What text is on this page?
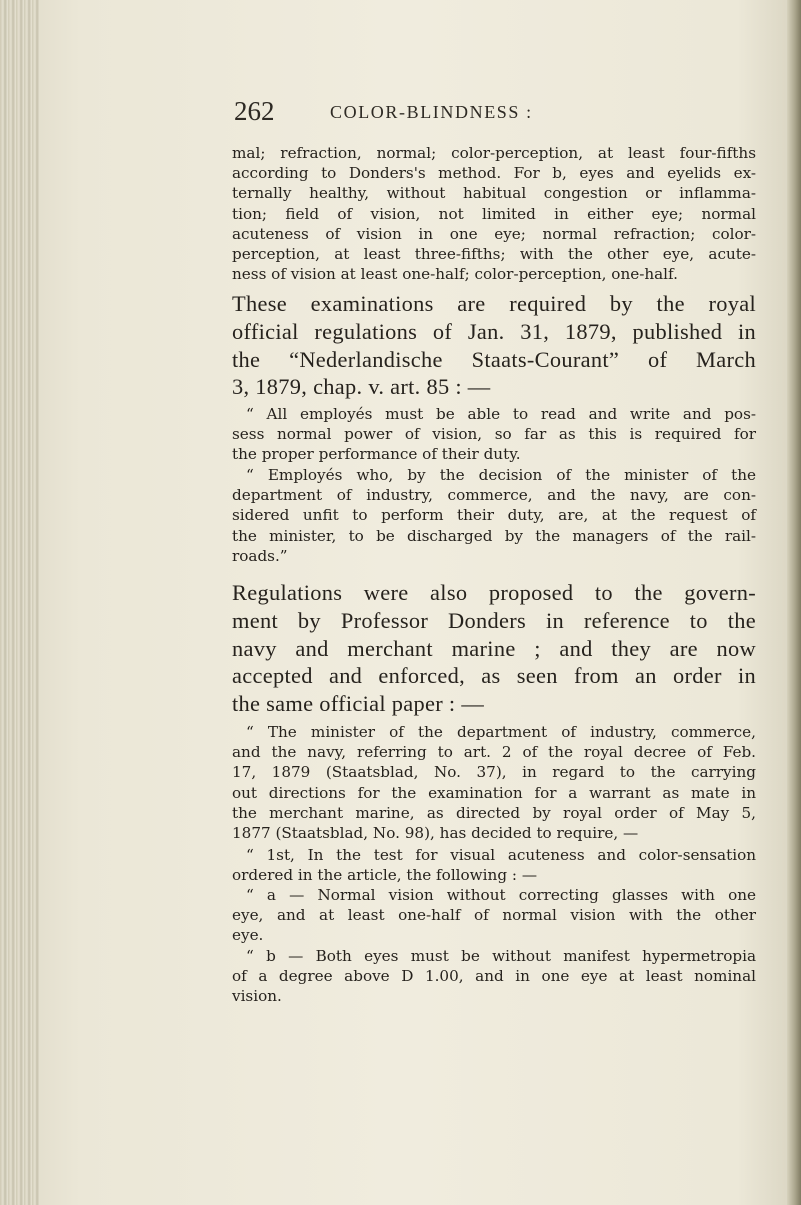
262	COLOR-BLINDNESS :
mal; refraction, normal; color-perception, at least four-fifths
according to Donders's method. For b, eyes and eyelids ex-
ternally healthy, without habitual congestion or inflamma-
tion; field of vision, not limited in either eye; normal
acuteness of vision in one eye; normal refraction; color-
perception, at least three-fifths; with the other eye, acute-
ness of vision at least one-half; color-perception, one-half.
These examinations are required by the royal
official regulations of Jan. 31, 1879, published in
the “Nederlandische Staats-Courant” of March
3, 1879, chap. v. art. 85 : —
“ All employés must be able to read and write and pos-
sess normal power of vision, so far as this is required for
the proper performance of their duty.
“ Employés who, by the decision of the minister of the
department of industry, commerce, and the navy, are con-
sidered unfit to perform their duty, are, at the request of
the minister, to be discharged by the managers of the rail-
roads.”
Regulations were also proposed to the govern-
ment by Professor Donders in reference to the
navy and merchant marine ; and they are now
accepted and enforced, as seen from an order in
the same official paper : —
“ The minister of the department of industry, commerce,
and the navy, referring to art. 2 of the royal decree of Feb.
17, 1879 (Staatsblad, No. 37), in regard to the carrying
out directions for the examination for a warrant as mate in
the merchant marine, as directed by royal order of May 5,
1877 (Staatsblad, No. 98), has decided to require, —
“ 1st, In the test for visual acuteness and color-sensation
ordered in the article, the following : —
“ a — Normal vision without correcting glasses with one
eye, and at least one-half of normal vision with the other
eye.
“ b — Both eyes must be without manifest hypermetropia
of a degree above D 1.00, and in one eye at least nominal
vision.
